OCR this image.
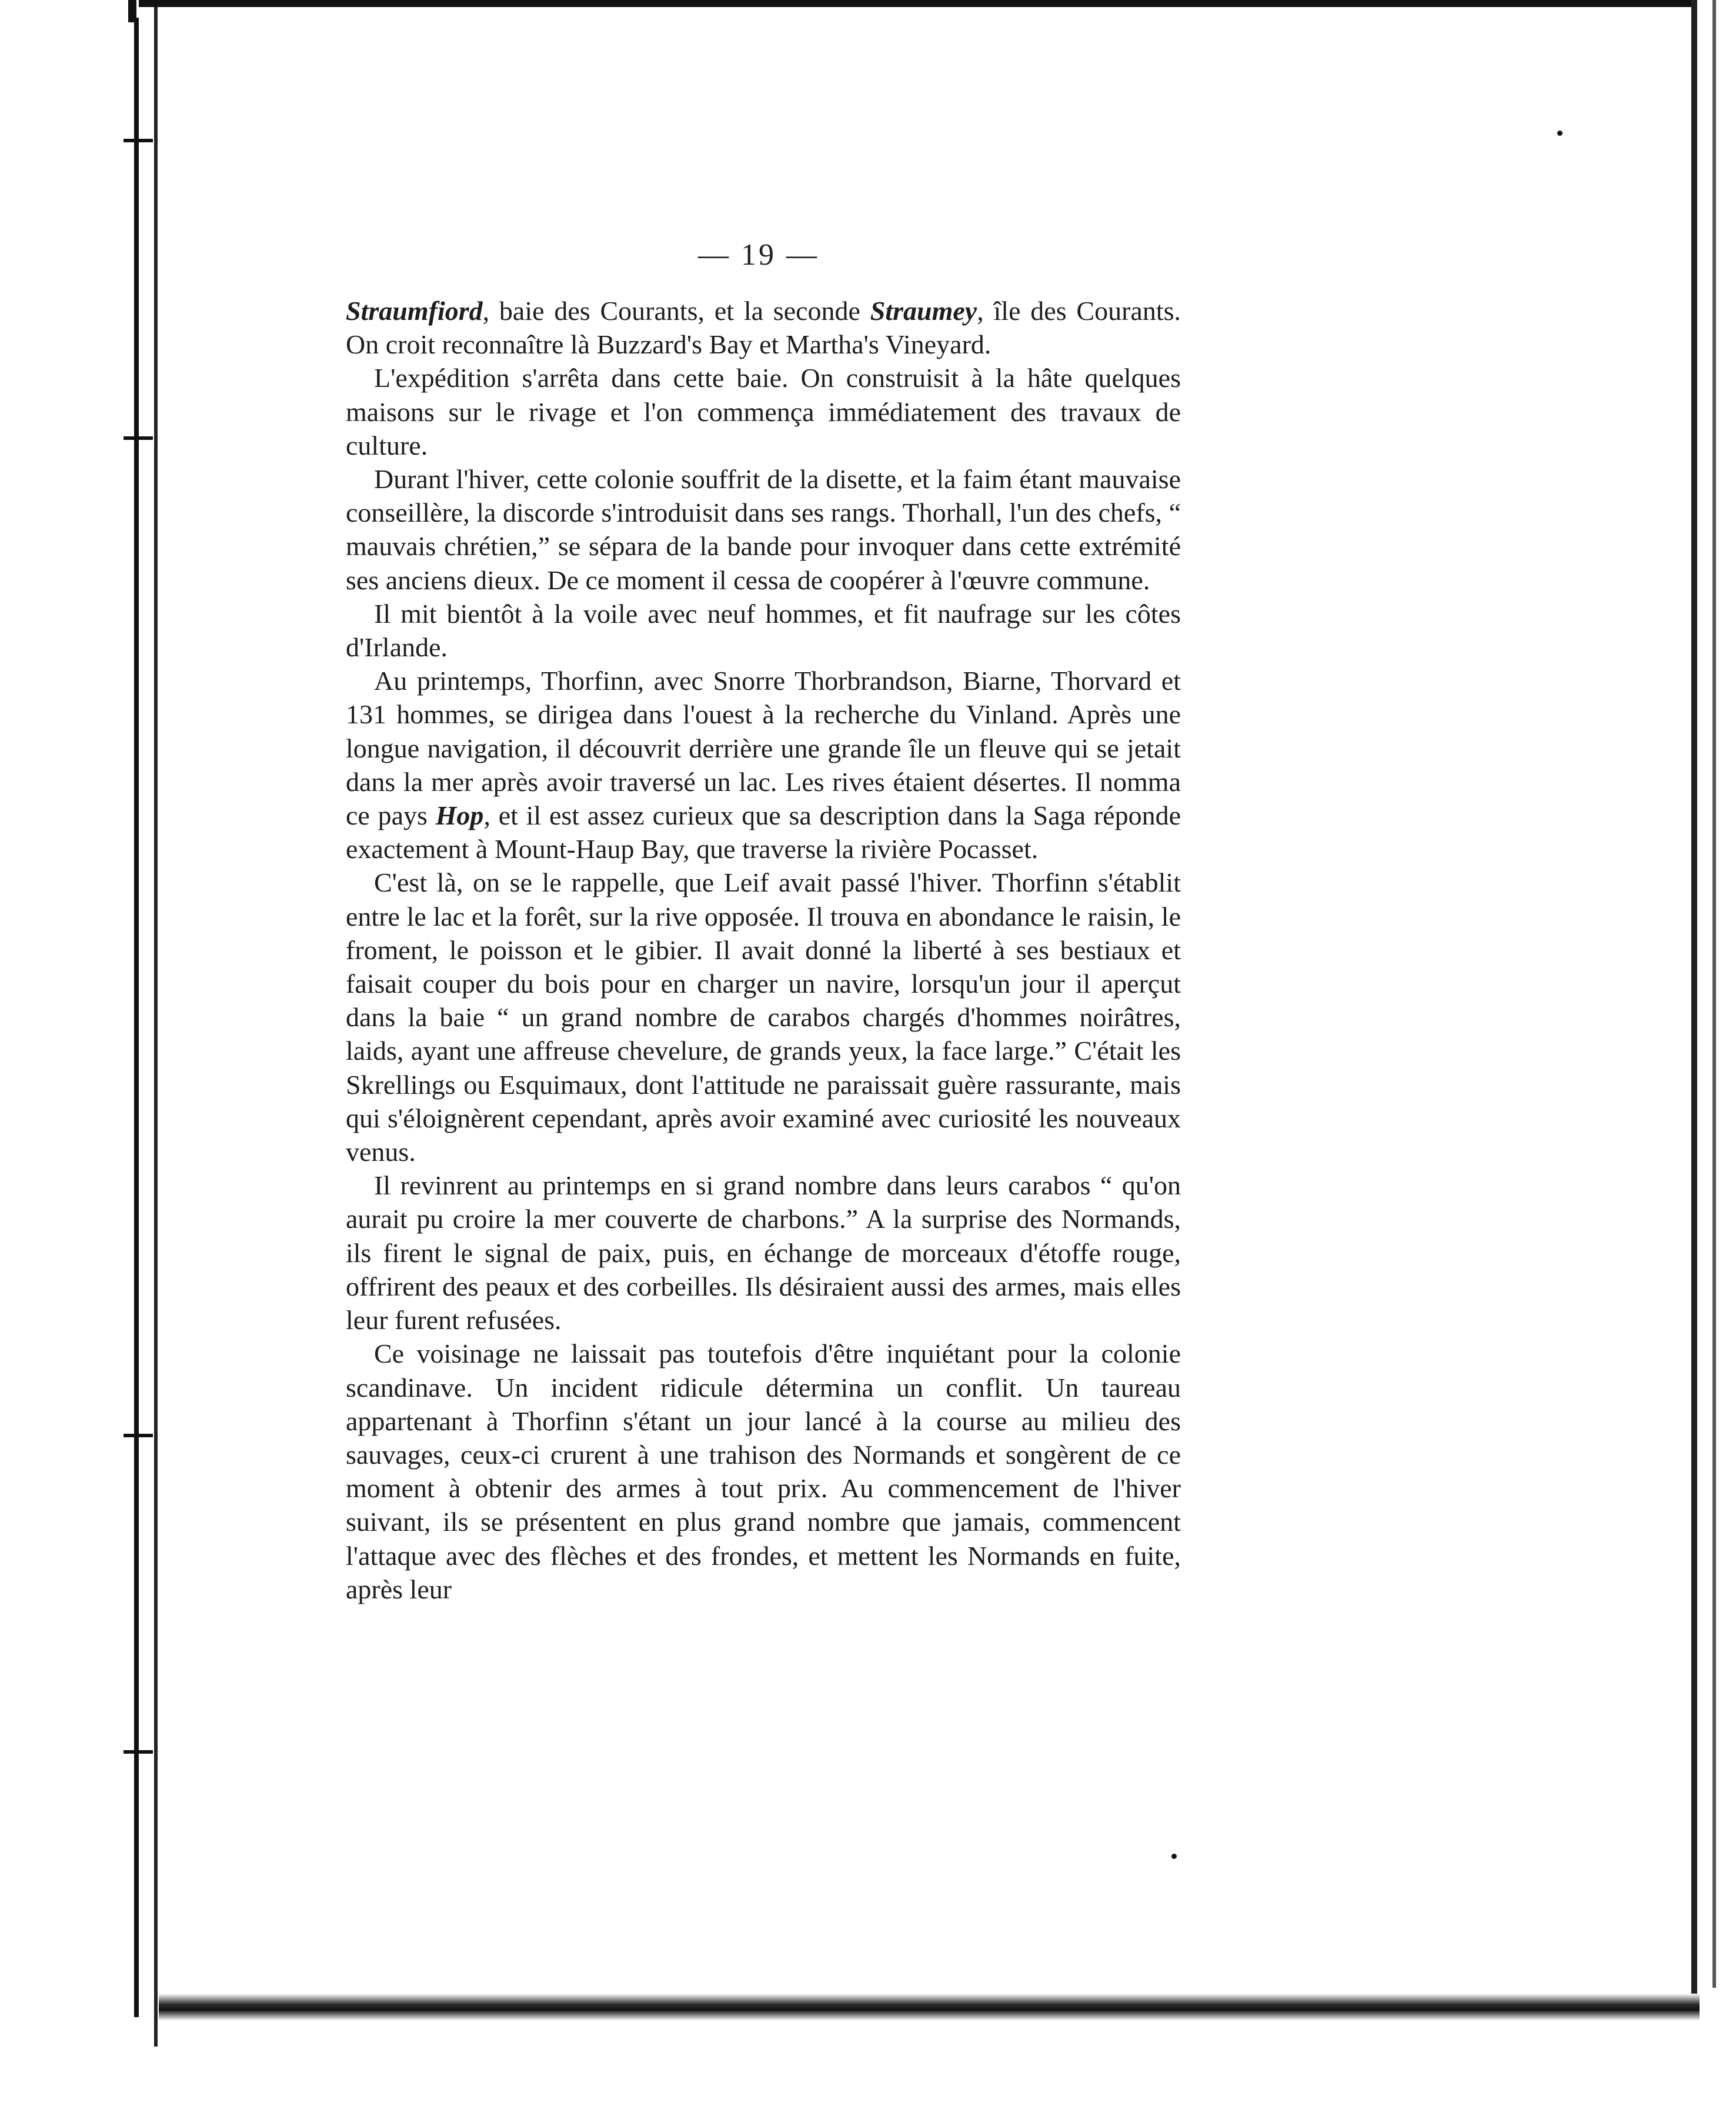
— 19 —

Straumfiord, baie des Courants, et la seconde Straumey, île des Courants. On croit reconnaître là Buzzard's Bay et Martha's Vineyard.

L'expédition s'arrêta dans cette baie. On construisit à la hâte quelques maisons sur le rivage et l'on commença immédiatement des travaux de culture.

Durant l'hiver, cette colonie souffrit de la disette, et la faim étant mauvaise conseillère, la discorde s'introduisit dans ses rangs. Thorhall, l'un des chefs, “ mauvais chrétien,” se sépara de la bande pour invoquer dans cette extrémité ses anciens dieux. De ce moment il cessa de coopérer à l'œuvre commune.

Il mit bientôt à la voile avec neuf hommes, et fit naufrage sur les côtes d'Irlande.

Au printemps, Thorfinn, avec Snorre Thorbrandson, Biarne, Thorvard et 131 hommes, se dirigea dans l'ouest à la recherche du Vinland. Après une longue navigation, il découvrit derrière une grande île un fleuve qui se jetait dans la mer après avoir traversé un lac. Les rives étaient désertes. Il nomma ce pays Hop, et il est assez curieux que sa description dans la Saga réponde exactement à Mount-Haup Bay, que traverse la rivière Pocasset.

C'est là, on se le rappelle, que Leif avait passé l'hiver. Thorfinn s'établit entre le lac et la forêt, sur la rive opposée. Il trouva en abondance le raisin, le froment, le poisson et le gibier. Il avait donné la liberté à ses bestiaux et faisait couper du bois pour en charger un navire, lorsqu'un jour il aperçut dans la baie “ un grand nombre de carabos chargés d'hommes noirâtres, laids, ayant une affreuse chevelure, de grands yeux, la face large.” C'était les Skrellings ou Esquimaux, dont l'attitude ne paraissait guère rassurante, mais qui s'éloignèrent cependant, après avoir examiné avec curiosité les nouveaux venus.

Il revinrent au printemps en si grand nombre dans leurs carabos “ qu'on aurait pu croire la mer couverte de charbons.” A la surprise des Normands, ils firent le signal de paix, puis, en échange de morceaux d'étoffe rouge, offrirent des peaux et des corbeilles. Ils désiraient aussi des armes, mais elles leur furent refusées.

Ce voisinage ne laissait pas toutefois d'être inquiétant pour la colonie scandinave. Un incident ridicule détermina un conflit. Un taureau appartenant à Thorfinn s'étant un jour lancé à la course au milieu des sauvages, ceux-ci crurent à une trahison des Normands et songèrent de ce moment à obtenir des armes à tout prix. Au commencement de l'hiver suivant, ils se présentent en plus grand nombre que jamais, commencent l'attaque avec des flèches et des frondes, et mettent les Normands en fuite, après leur
